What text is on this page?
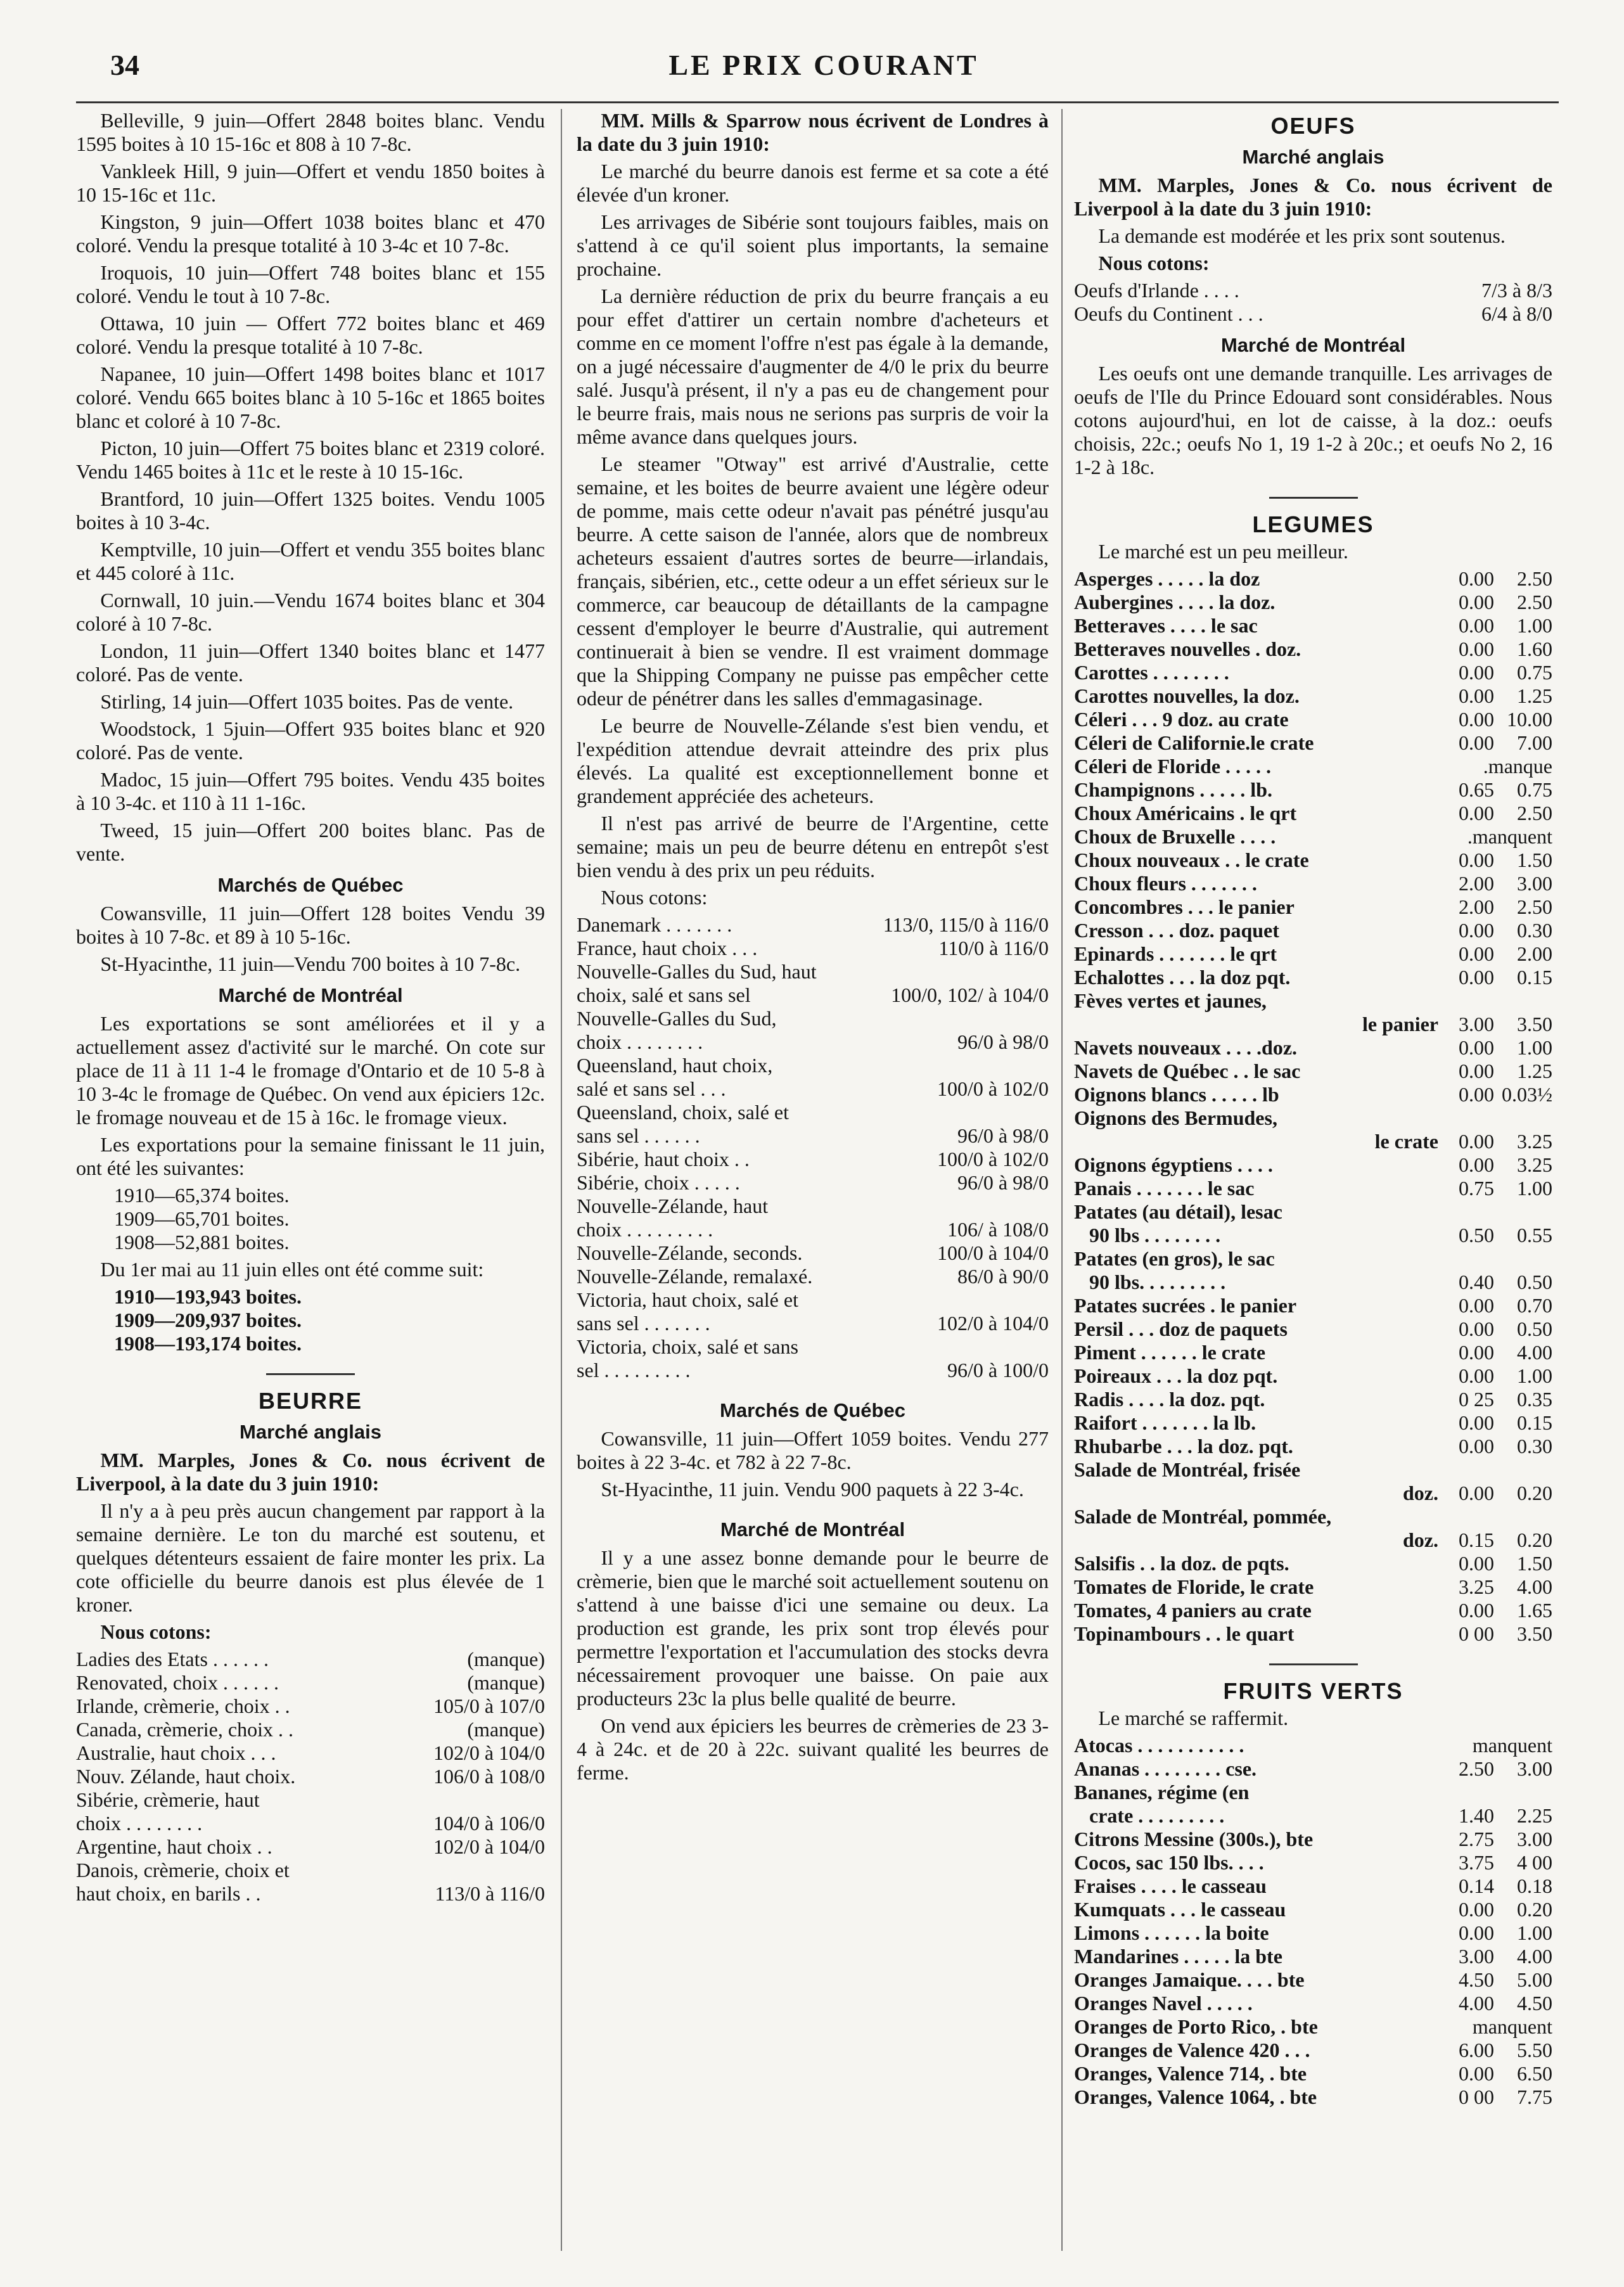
34	LE PRIX COURANT

Belleville, 9 juin—Offert 2848 boites blanc. Vendu 1595 boites à 10 15-16c et 808 à 10 7-8c.

Vankleek Hill, 9 juin—Offert et vendu 1850 boites à 10 15-16c et 11c.

Kingston, 9 juin—Offert 1038 boites blanc et 470 coloré. Vendu la presque totalité à 10 3-4c et 10 7-8c.

Iroquois, 10 juin—Offert 748 boites blanc et 155 coloré. Vendu le tout à 10 7-8c.

Ottawa, 10 juin — Offert 772 boites blanc et 469 coloré. Vendu la presque totalité à 10 7-8c.

Napanee, 10 juin—Offert 1498 boites blanc et 1017 coloré. Vendu 665 boites blanc à 10 5-16c et 1865 boites blanc et coloré à 10 7-8c.

Picton, 10 juin—Offert 75 boites blanc et 2319 coloré. Vendu 1465 boites à 11c et le reste à 10 15-16c.

Brantford, 10 juin—Offert 1325 boites. Vendu 1005 boites à 10 3-4c.

Kemptville, 10 juin—Offert et vendu 355 boites blanc et 445 coloré à 11c.

Cornwall, 10 juin.—Vendu 1674 boites blanc et 304 coloré à 10 7-8c.

London, 11 juin—Offert 1340 boites blanc et 1477 coloré. Pas de vente.

Stirling, 14 juin—Offert 1035 boites. Pas de vente.

Woodstock, 1 5juin—Offert 935 boites blanc et 920 coloré. Pas de vente.

Madoc, 15 juin—Offert 795 boites. Vendu 435 boites à 10 3-4c. et 110 à 11 1-16c.

Tweed, 15 juin—Offert 200 boites blanc. Pas de vente.

Marchés de Québec

Cowansville, 11 juin—Offert 128 boites Vendu 39 boites à 10 7-8c. et 89 à 10 5-16c.

St-Hyacinthe, 11 juin—Vendu 700 boites à 10 7-8c.

Marché de Montréal

Les exportations se sont améliorées et il y a actuellement assez d'activité sur le marché. On cote sur place de 11 à 11 1-4 le fromage d'Ontario et de 10 5-8 à 10 3-4c le fromage de Québec. On vend aux épiciers 12c. le fromage nouveau et de 15 à 16c. le fromage vieux.

Les exportations pour la semaine finissant le 11 juin, ont été les suivantes:

1910—65,374 boites.
1909—65,701 boites.
1908—52,881 boites.

Du 1er mai au 11 juin elles ont été comme suit:

1910—193,943 boites.
1909—209,937 boites.
1908—193,174 boites.
BEURRE
Marché anglais

MM. Marples, Jones & Co. nous écrivent de Liverpool, à la date du 3 juin 1910:

Il n'y a à peu près aucun changement par rapport à la semaine dernière. Le ton du marché est soutenu, et quelques détenteurs essaient de faire monter les prix. La cote officielle du beurre danois est plus élevée de 1 kroner.

Nous cotons:

Ladies des Etats . . . . . .	(manque)
Renovated, choix . . . . . .	(manque)
Irlande, crèmerie, choix . .	105/0 à 107/0
Canada, crèmerie, choix . .	(manque)
Australie, haut choix . . .	102/0 à 104/0
Nouv. Zélande, haut choix.	106/0 à 108/0
Sibérie, crèmerie, haut
choix . . . . . . . .	104/0 à 106/0
Argentine, haut choix . .	102/0 à 104/0
Danois, crèmerie, choix et
haut choix, en barils . .	113/0 à 116/0

MM. Mills & Sparrow nous écrivent de Londres à la date du 3 juin 1910:

Le marché du beurre danois est ferme et sa cote a été élevée d'un kroner.

Les arrivages de Sibérie sont toujours faibles, mais on s'attend à ce qu'il soient plus importants, la semaine prochaine.

La dernière réduction de prix du beurre français a eu pour effet d'attirer un certain nombre d'acheteurs et comme en ce moment l'offre n'est pas égale à la demande, on a jugé nécessaire d'augmenter de 4/0 le prix du beurre salé. Jusqu'à présent, il n'y a pas eu de changement pour le beurre frais, mais nous ne serions pas surpris de voir la même avance dans quelques jours.

Le steamer "Otway" est arrivé d'Australie, cette semaine, et les boites de beurre avaient une légère odeur de pomme, mais cette odeur n'avait pas pénétré jusqu'au beurre. A cette saison de l'année, alors que de nombreux acheteurs essaient d'autres sortes de beurre—irlandais, français, sibérien, etc., cette odeur a un effet sérieux sur le commerce, car beaucoup de détaillants de la campagne cessent d'employer le beurre d'Australie, qui autrement continuerait à bien se vendre. Il est vraiment dommage que la Shipping Company ne puisse pas empêcher cette odeur de pénétrer dans les salles d'emmagasinage.

Le beurre de Nouvelle-Zélande s'est bien vendu, et l'expédition attendue devrait atteindre des prix plus élevés. La qualité est exceptionnellement bonne et grandement appréciée des acheteurs.

Il n'est pas arrivé de beurre de l'Argentine, cette semaine; mais un peu de beurre détenu en entrepôt s'est bien vendu à des prix un peu réduits.

Nous cotons:

Danemark . . . . . . .	113/0, 115/0 à 116/0
France, haut choix . . .	110/0 à 116/0
Nouvelle-Galles du Sud, haut
choix, salé et sans sel	100/0, 102/ à 104/0
Nouvelle-Galles du Sud,
choix . . . . . . . .	96/0 à 98/0
Queensland, haut choix,
salé et sans sel . . .	100/0 à 102/0
Queensland, choix, salé et
sans sel . . . . . .	96/0 à 98/0
Sibérie, haut choix . .	100/0 à 102/0
Sibérie, choix . . . . .	96/0 à 98/0
Nouvelle-Zélande, haut
choix . . . . . . . . .	106/ à 108/0
Nouvelle-Zélande, seconds.	100/0 à 104/0
Nouvelle-Zélande, remalaxé.	86/0 à 90/0
Victoria, haut choix, salé et
sans sel . . . . . . .	102/0 à 104/0
Victoria, choix, salé et sans
sel . . . . . . . . .	96/0 à 100/0
Marchés de Québec

Cowansville, 11 juin—Offert 1059 boites. Vendu 277 boites à 22 3-4c. et 782 à 22 7-8c.

St-Hyacinthe, 11 juin. Vendu 900 paquets à 22 3-4c.

Marché de Montréal

Il y a une assez bonne demande pour le beurre de crèmerie, bien que le marché soit actuellement soutenu on s'attend à une baisse d'ici une semaine ou deux. La production est grande, les prix sont trop élevés pour permettre l'exportation et l'accumulation des stocks devra nécessairement provoquer une baisse. On paie aux producteurs 23c la plus belle qualité de beurre.

On vend aux épiciers les beurres de crèmeries de 23 3-4 à 24c. et de 20 à 22c. suivant qualité les beurres de ferme.

OEUFS
Marché anglais

MM. Marples, Jones & Co. nous écrivent de Liverpool à la date du 3 juin 1910:

La demande est modérée et les prix sont soutenus.

Nous cotons:

Oeufs d'Irlande . . . .	7/3 à 8/3
Oeufs du Continent . . .	6/4 à 8/0
Marché de Montréal

Les oeufs ont une demande tranquille. Les arrivages de oeufs de l'Ile du Prince Edouard sont considérables. Nous cotons aujourd'hui, en lot de caisse, à la doz.: oeufs choisis, 22c.; oeufs No 1, 19 1-2 à 20c.; et oeufs No 2, 16 1-2 à 18c.

LEGUMES

Le marché est un peu meilleur.

Asperges . . . . . la doz	0.00	2.50
Aubergines . . . . la doz.	0.00	2.50
Betteraves . . . . le sac	0.00	1.00
Betteraves nouvelles . doz.	0.00	1.60
Carottes . . . . . . . .	0.00	0.75
Carottes nouvelles, la doz.	0.00	1.25
Céleri . . . 9 doz. au crate	0.00 10.00
Céleri de Californie.le crate	0.00	7.00
Céleri de Floride . . . . .	.manque
Champignons . . . . . lb.	0.65	0.75
Choux Américains . le qrt	0.00	2.50
Choux de Bruxelle . . . .	.manquent
Choux nouveaux . . le crate	0.00	1.50
Choux fleurs . . . . . . .	2.00	3.00
Concombres . . . le panier	2.00	2.50
Cresson . . . doz. paquet	0.00	0.30
Epinards . . . . . . . le qrt	0.00	2.00
Echalottes . . . la doz pqt.	0.00	0.15
Fèves vertes et jaunes,
le panier	3.00	3.50
Navets nouveaux . . . .doz.	0.00	1.00
Navets de Québec . . le sac	0.00	1.25
Oignons blancs . . . . . lb	0.00 0.03½
Oignons des Bermudes,
le crate	0.00	3.25
Oignons égyptiens . . . .	0.00	3.25
Panais . . . . . . . le sac	0.75	1.00
Patates (au détail), lesac
90 lbs . . . . . . . .	0.50	0.55
Patates (en gros), le sac
90 lbs. . . . . . . . .	0.40	0.50
Patates sucrées . le panier	0.00	0.70
Persil . . . doz de paquets	0.00	0.50
Piment . . . . . . le crate	0.00	4.00
Poireaux . . . la doz pqt.	0.00	1.00
Radis . . . . la doz. pqt.	0 25	0.35
Raifort . . . . . . . la lb.	0.00	0.15
Rhubarbe . . . la doz. pqt.	0.00	0.30
Salade de Montréal, frisée
doz.	0.00	0.20
Salade de Montréal, pommée,
doz.	0.15	0.20
Salsifis . . la doz. de pqts.	0.00	1.50
Tomates de Floride, le crate	3.25	4.00
Tomates, 4 paniers au crate	0.00	1.65
Topinambours . . le quart	0 00	3.50
FRUITS VERTS

Le marché se raffermit.

Atocas . . . . . . . . . . .	manquent
Ananas . . . . . . . . cse.	2.50	3.00
Bananes, régime (en
crate . . . . . . . . .	1.40	2.25
Citrons Messine (300s.), bte	2.75	3.00
Cocos, sac 150 lbs. . . .	3.75	4 00
Fraises . . . . le casseau	0.14	0.18
Kumquats . . . le casseau	0.00	0.20
Limons . . . . . . la boite	0.00	1.00
Mandarines . . . . . la bte	3.00	4.00
Oranges Jamaique. . . . bte	4.50	5.00
Oranges Navel . . . . .	4.00	4.50
Oranges de Porto Rico, . bte	manquent
Oranges de Valence 420 . . .	6.00	5.50
Oranges, Valence 714, . bte	0.00	6.50
Oranges, Valence 1064, . bte	0 00	7.75
